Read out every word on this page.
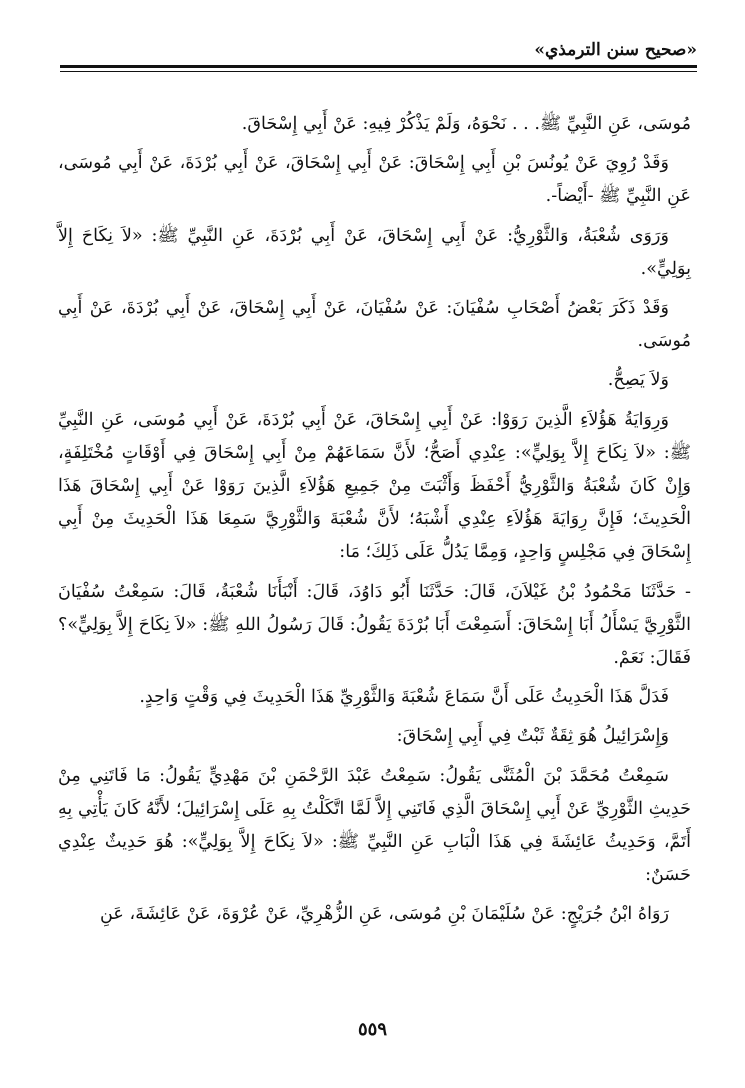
«صحيح سنن الترمذي»

مُوسَى، عَنِ النَّبِيِّ ﷺ. . . نَحْوَهُ، وَلَمْ يَذْكُرْ فِيهِ: عَنْ أَبِي إِسْحَاقَ.

وَقَدْ رُوِيَ عَنْ يُونُسَ بْنِ أَبِي إِسْحَاقَ: عَنْ أَبِي إِسْحَاقَ، عَنْ أَبِي بُرْدَةَ، عَنْ أَبِي مُوسَى، عَنِ النَّبِيِّ ﷺ -أَيْضاً-.

وَرَوَى شُعْبَةُ، وَالثَّوْرِيُّ: عَنْ أَبِي إِسْحَاقَ، عَنْ أَبِي بُرْدَةَ، عَنِ النَّبِيِّ ﷺ: «لاَ نِكَاحَ إِلاَّ بِوَلِيٍّ».

وَقَدْ ذَكَرَ بَعْضُ أَصْحَابِ سُفْيَانَ: عَنْ سُفْيَانَ، عَنْ أَبِي إِسْحَاقَ، عَنْ أَبِي بُرْدَةَ، عَنْ أَبِي مُوسَى.

وَلاَ يَصِحُّ.

وَرِوَايَةُ هَؤُلاَءِ الَّذِينَ رَوَوْا: عَنْ أَبِي إِسْحَاقَ، عَنْ أَبِي بُرْدَةَ، عَنْ أَبِي مُوسَى، عَنِ النَّبِيِّ ﷺ: «لاَ نِكَاحَ إِلاَّ بِوَلِيٍّ»: عِنْدِي أَصَحُّ؛ لأَنَّ سَمَاعَهُمْ مِنْ أَبِي إِسْحَاقَ فِي أَوْقَاتٍ مُخْتَلِفَةٍ، وَإِنْ كَانَ شُعْبَةُ وَالثَّوْرِيُّ أَحْفَظَ وَأَثْبَتَ مِنْ جَمِيعِ هَؤُلاَءِ الَّذِينَ رَوَوْا عَنْ أَبِي إِسْحَاقَ هَذَا الْحَدِيثَ؛ فَإِنَّ رِوَايَةَ هَؤُلاَءِ عِنْدِي أَشْبَهُ؛ لأَنَّ شُعْبَةَ وَالثَّوْرِيَّ سَمِعَا هَذَا الْحَدِيثَ مِنْ أَبِي إِسْحَاقَ فِي مَجْلِسٍ وَاحِدٍ، وَمِمَّا يَدُلُّ عَلَى ذَلِكَ؛ مَا:

- حَدَّثَنَا مَحْمُودُ بْنُ غَيْلاَنَ، قَالَ: حَدَّثَنَا أَبُو دَاوُدَ، قَالَ: أَنْبَأَنَا شُعْبَةُ، قَالَ: سَمِعْتُ سُفْيَانَ الثَّوْرِيَّ يَسْأَلُ أَبَا إِسْحَاقَ: أَسَمِعْتَ أَبَا بُرْدَةَ يَقُولُ: قَالَ رَسُولُ اللهِ ﷺ: «لاَ نِكَاحَ إِلاَّ بِوَلِيٍّ»؟ فَقَالَ: نَعَمْ.

فَدَلَّ هَذَا الْحَدِيثُ عَلَى أَنَّ سَمَاعَ شُعْبَةَ وَالثَّوْرِيِّ هَذَا الْحَدِيثَ فِي وَقْتٍ وَاحِدٍ.

وَإِسْرَائِيلُ هُوَ ثِقَةٌ ثَبْتٌ فِي أَبِي إِسْحَاقَ:

سَمِعْتُ مُحَمَّدَ بْنَ الْمُثَنَّى يَقُولُ: سَمِعْتُ عَبْدَ الرَّحْمَنِ بْنَ مَهْدِيٍّ يَقُولُ: مَا فَاتَنِي مِنْ حَدِيثِ الثَّوْرِيِّ عَنْ أَبِي إِسْحَاقَ الَّذِي فَاتَنِي إِلاَّ لَمَّا اتَّكَلْتُ بِهِ عَلَى إِسْرَائِيلَ؛ لأَنَّهُ كَانَ يَأْتِي بِهِ أَتَمَّ، وَحَدِيثُ عَائِشَةَ فِي هَذَا الْبَابِ عَنِ النَّبِيِّ ﷺ: «لاَ نِكَاحَ إِلاَّ بِوَلِيٍّ»: هُوَ حَدِيثٌ عِنْدِي حَسَنٌ:

رَوَاهُ ابْنُ جُرَيْجٍ: عَنْ سُلَيْمَانَ بْنِ مُوسَى، عَنِ الزُّهْرِيِّ، عَنْ عُرْوَةَ، عَنْ عَائِشَةَ، عَنِ

٥٥٩
